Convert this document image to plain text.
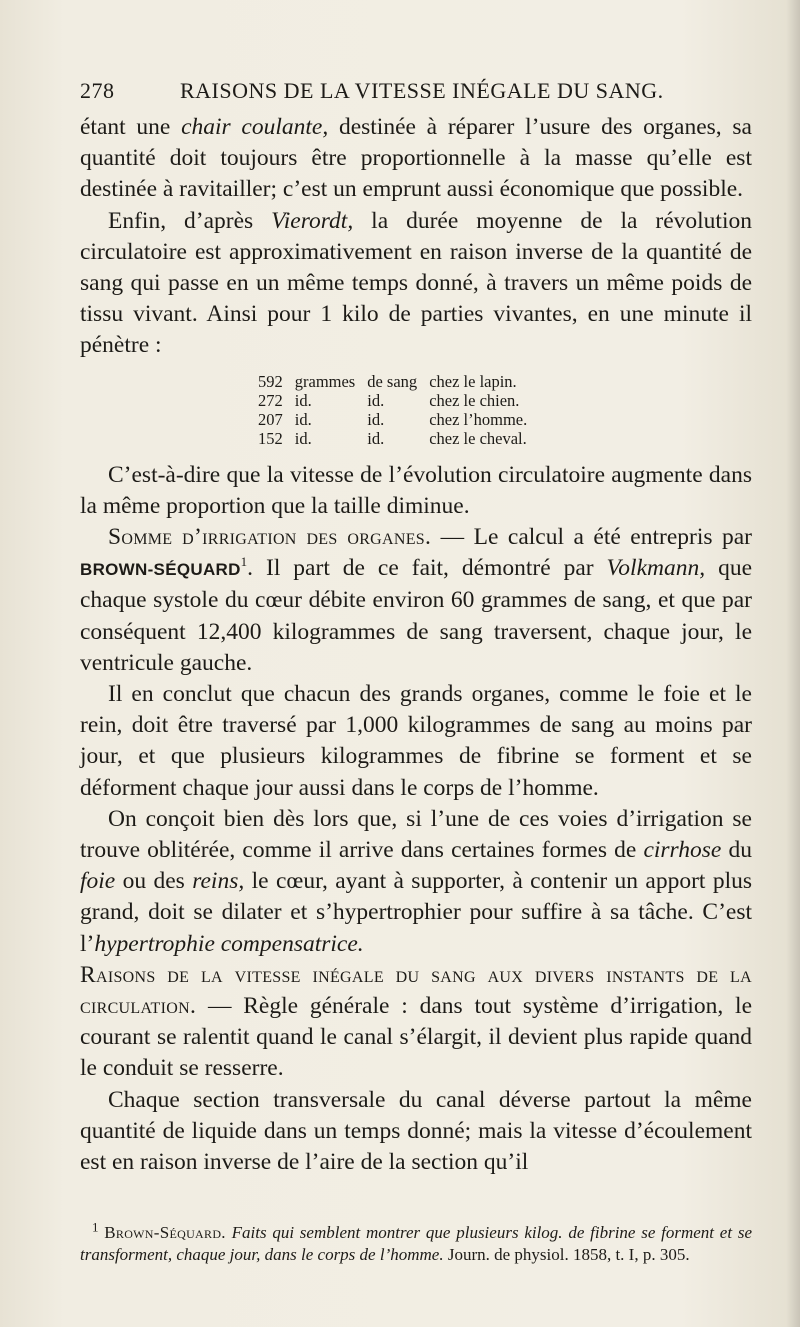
278	RAISONS DE LA VITESSE INÉGALE DU SANG.

étant une chair coulante, destinée à réparer l’usure des organes, sa quantité doit toujours être proportionnelle à la masse qu’elle est destinée à ravitailler; c’est un emprunt aussi économique que possible.

Enfin, d’après Vierordt, la durée moyenne de la révolution circulatoire est approximativement en raison inverse de la quantité de sang qui passe en un même temps donné, à travers un même poids de tissu vivant. Ainsi pour 1 kilo de parties vivantes, en une minute il pénètre :

592	grammes	de sang	chez le lapin.
272	id.	id.	chez le chien.
207	id.	id.	chez l’homme.
152	id.	id.	chez le cheval.

C’est-à-dire que la vitesse de l’évolution circulatoire augmente dans la même proportion que la taille diminue.

Somme d’irrigation des organes. — Le calcul a été entrepris par BROWN-SÉQUARD$^1$. Il part de ce fait, démontré par Volkmann, que chaque systole du cœur débite environ 60 grammes de sang, et que par conséquent 12,400 kilogrammes de sang traversent, chaque jour, le ventricule gauche.

Il en conclut que chacun des grands organes, comme le foie et le rein, doit être traversé par 1,000 kilogrammes de sang au moins par jour, et que plusieurs kilogrammes de fibrine se forment et se déforment chaque jour aussi dans le corps de l’homme.

On conçoit bien dès lors que, si l’une de ces voies d’irrigation se trouve oblitérée, comme il arrive dans certaines formes de cirrhose du foie ou des reins, le cœur, ayant à supporter, à contenir un apport plus grand, doit se dilater et s’hypertrophier pour suffire à sa tâche. C’est l’hypertrophie compensatrice.

Raisons de la vitesse inégale du sang aux divers instants de la circulation. — Règle générale : dans tout système d’irrigation, le courant se ralentit quand le canal s’élargit, il devient plus rapide quand le conduit se resserre.

Chaque section transversale du canal déverse partout la même quantité de liquide dans un temps donné; mais la vitesse d’écoulement est en raison inverse de l’aire de la section qu’il

$^1$ Brown-Séquard. Faits qui semblent montrer que plusieurs kilog. de fibrine se forment et se transforment, chaque jour, dans le corps de l’homme. Journ. de physiol. 1858, t. I, p. 305.
